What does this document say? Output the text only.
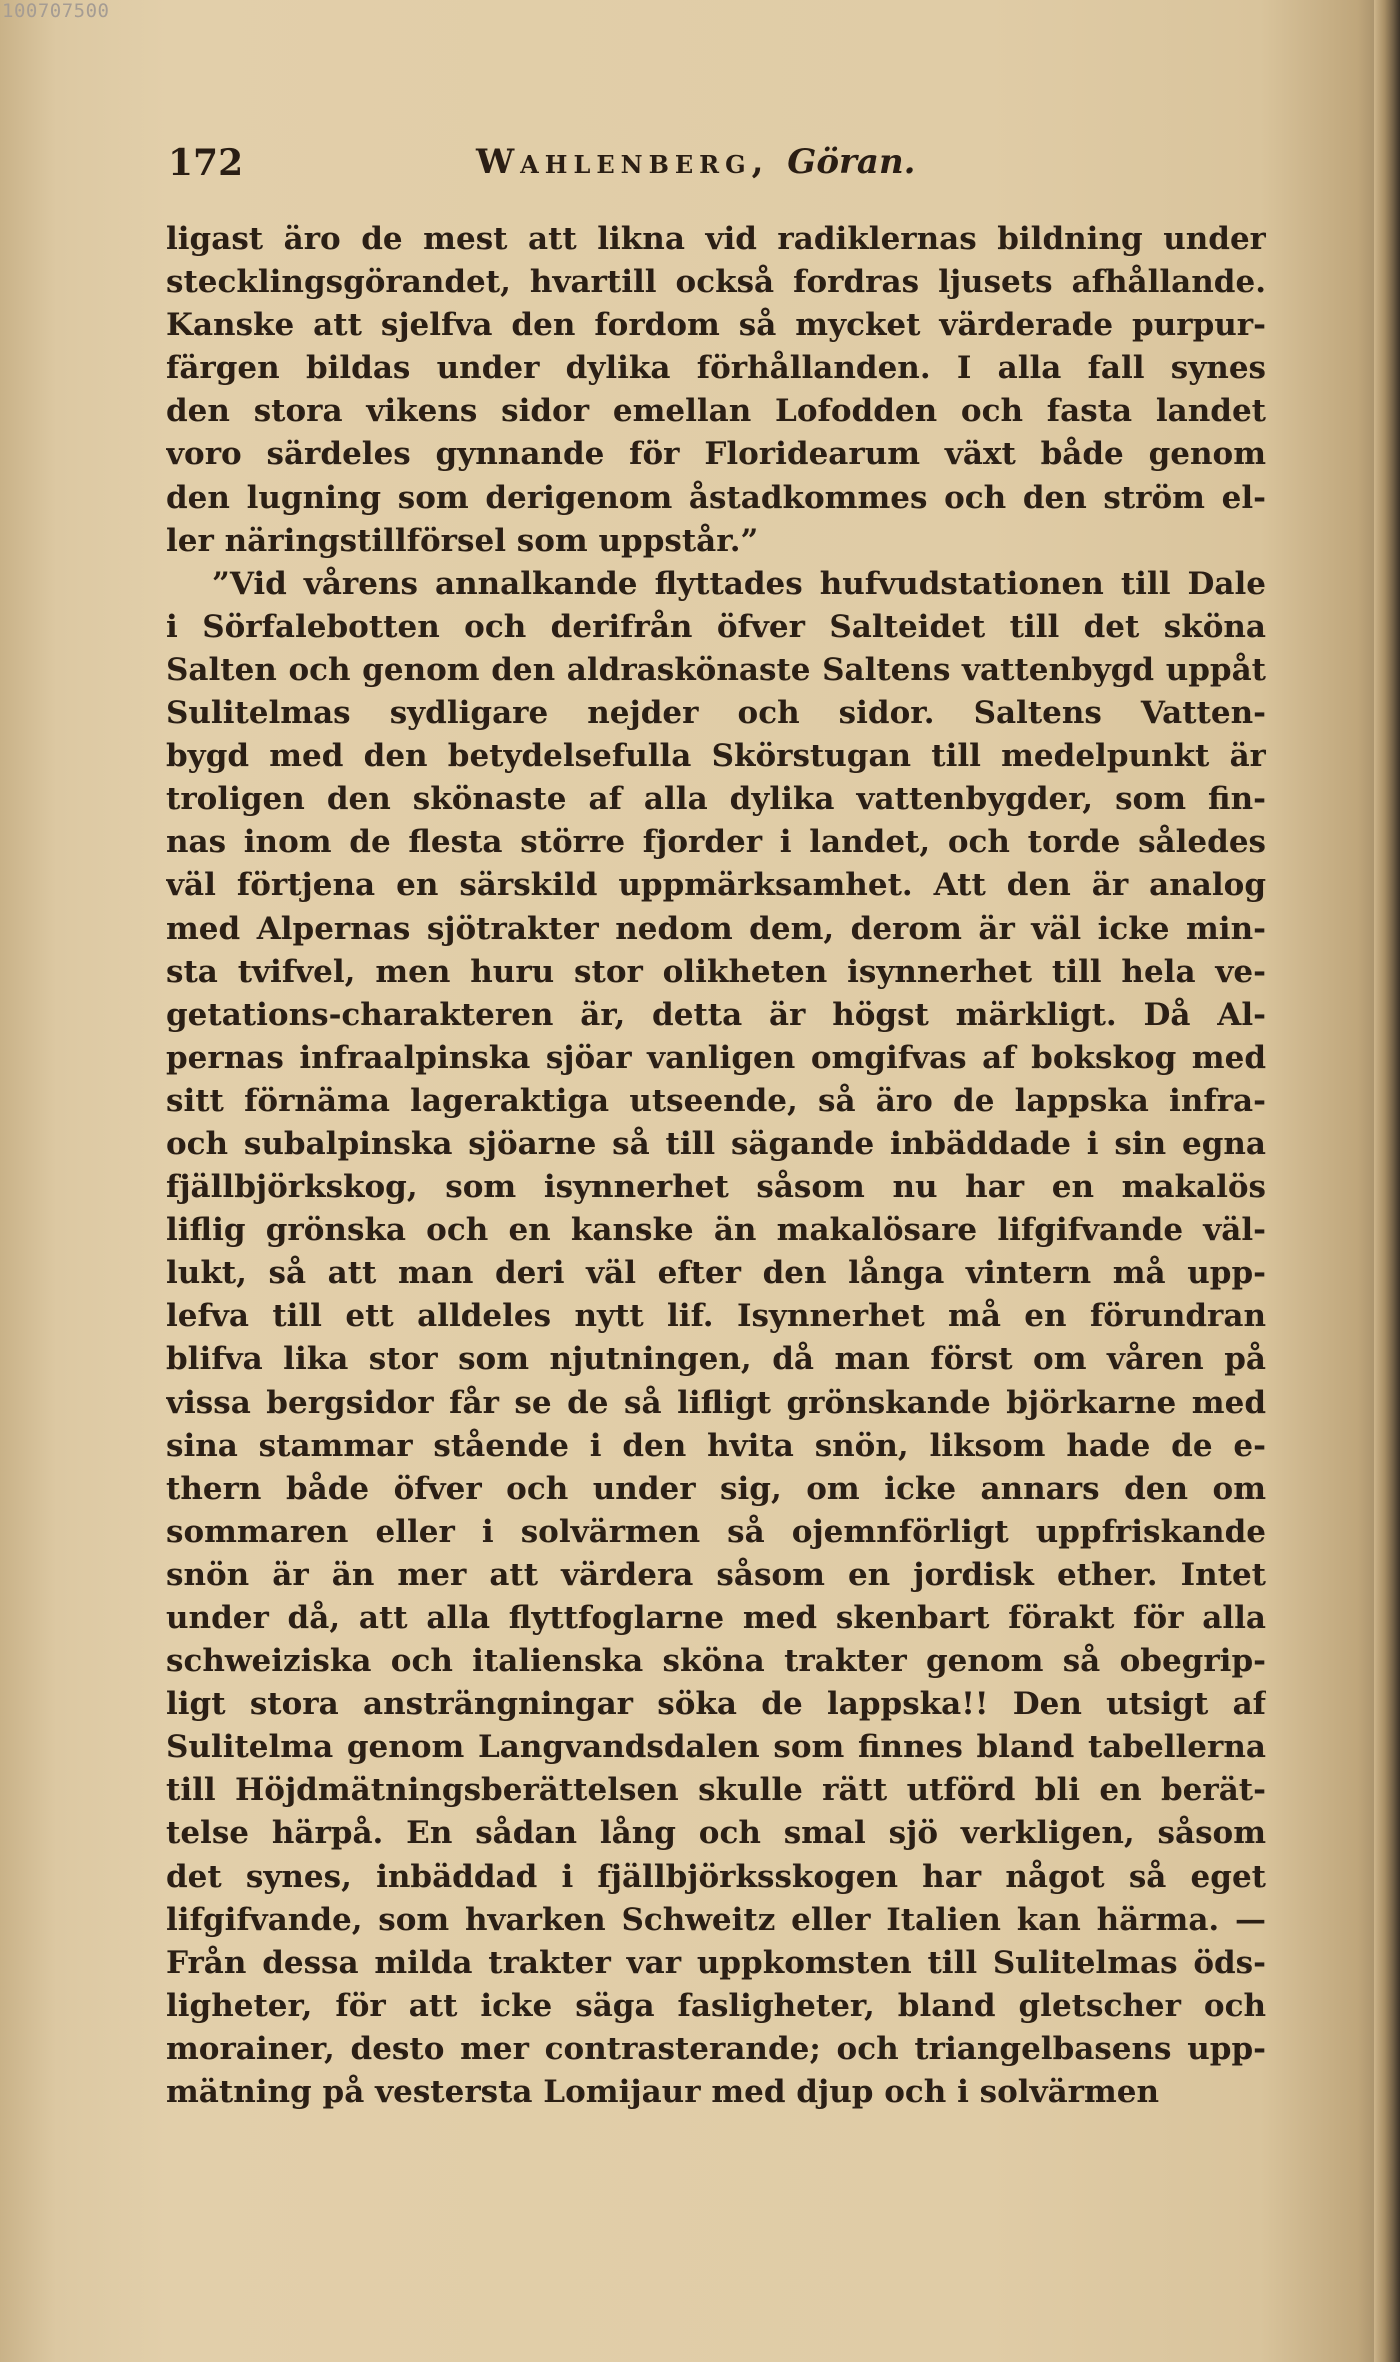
100707500
172	Wahlenberg, Göran.
ligast äro de mest att likna vid radiklernas bildning under
stecklingsgörandet, hvartill också fordras ljusets afhållande.
Kanske att sjelfva den fordom så mycket värderade purpur-
färgen bildas under dylika förhållanden. I alla fall synes
den stora vikens sidor emellan Lofodden och fasta landet
voro särdeles gynnande för Floridearum växt både genom
den lugning som derigenom åstadkommes och den ström el-
ler näringstillförsel som uppstår.”
”Vid vårens annalkande flyttades hufvudstationen till Dale
i Sörfalebotten och derifrån öfver Salteidet till det sköna
Salten och genom den aldraskönaste Saltens vattenbygd uppåt
Sulitelmas sydligare nejder och sidor. Saltens Vatten-
bygd med den betydelsefulla Skörstugan till medelpunkt är
troligen den skönaste af alla dylika vattenbygder, som fin-
nas inom de flesta större fjorder i landet, och torde således
väl förtjena en särskild uppmärksamhet. Att den är analog
med Alpernas sjötrakter nedom dem, derom är väl icke min-
sta tvifvel, men huru stor olikheten isynnerhet till hela ve-
getations-charakteren är, detta är högst märkligt. Då Al-
pernas infraalpinska sjöar vanligen omgifvas af bokskog med
sitt förnäma lageraktiga utseende, så äro de lappska infra-
och subalpinska sjöarne så till sägande inbäddade i sin egna
fjällbjörkskog, som isynnerhet såsom nu har en makalös
liflig grönska och en kanske än makalösare lifgifvande väl-
lukt, så att man deri väl efter den långa vintern må upp-
lefva till ett alldeles nytt lif. Isynnerhet må en förundran
blifva lika stor som njutningen, då man först om våren på
vissa bergsidor får se de så lifligt grönskande björkarne med
sina stammar stående i den hvita snön, liksom hade de e-
thern både öfver och under sig, om icke annars den om
sommaren eller i solvärmen så ojemnförligt uppfriskande
snön är än mer att värdera såsom en jordisk ether. Intet
under då, att alla flyttfoglarne med skenbart förakt för alla
schweiziska och italienska sköna trakter genom så obegrip-
ligt stora ansträngningar söka de lappska!! Den utsigt af
Sulitelma genom Langvandsdalen som finnes bland tabellerna
till Höjdmätningsberättelsen skulle rätt utförd bli en berät-
telse härpå. En sådan lång och smal sjö verkligen, såsom
det synes, inbäddad i fjällbjörksskogen har något så eget
lifgifvande, som hvarken Schweitz eller Italien kan härma. —
Från dessa milda trakter var uppkomsten till Sulitelmas öds-
ligheter, för att icke säga fasligheter, bland gletscher och
morainer, desto mer contrasterande; och triangelbasens upp-
mätning på vestersta Lomijaur med djup och i solvärmen
